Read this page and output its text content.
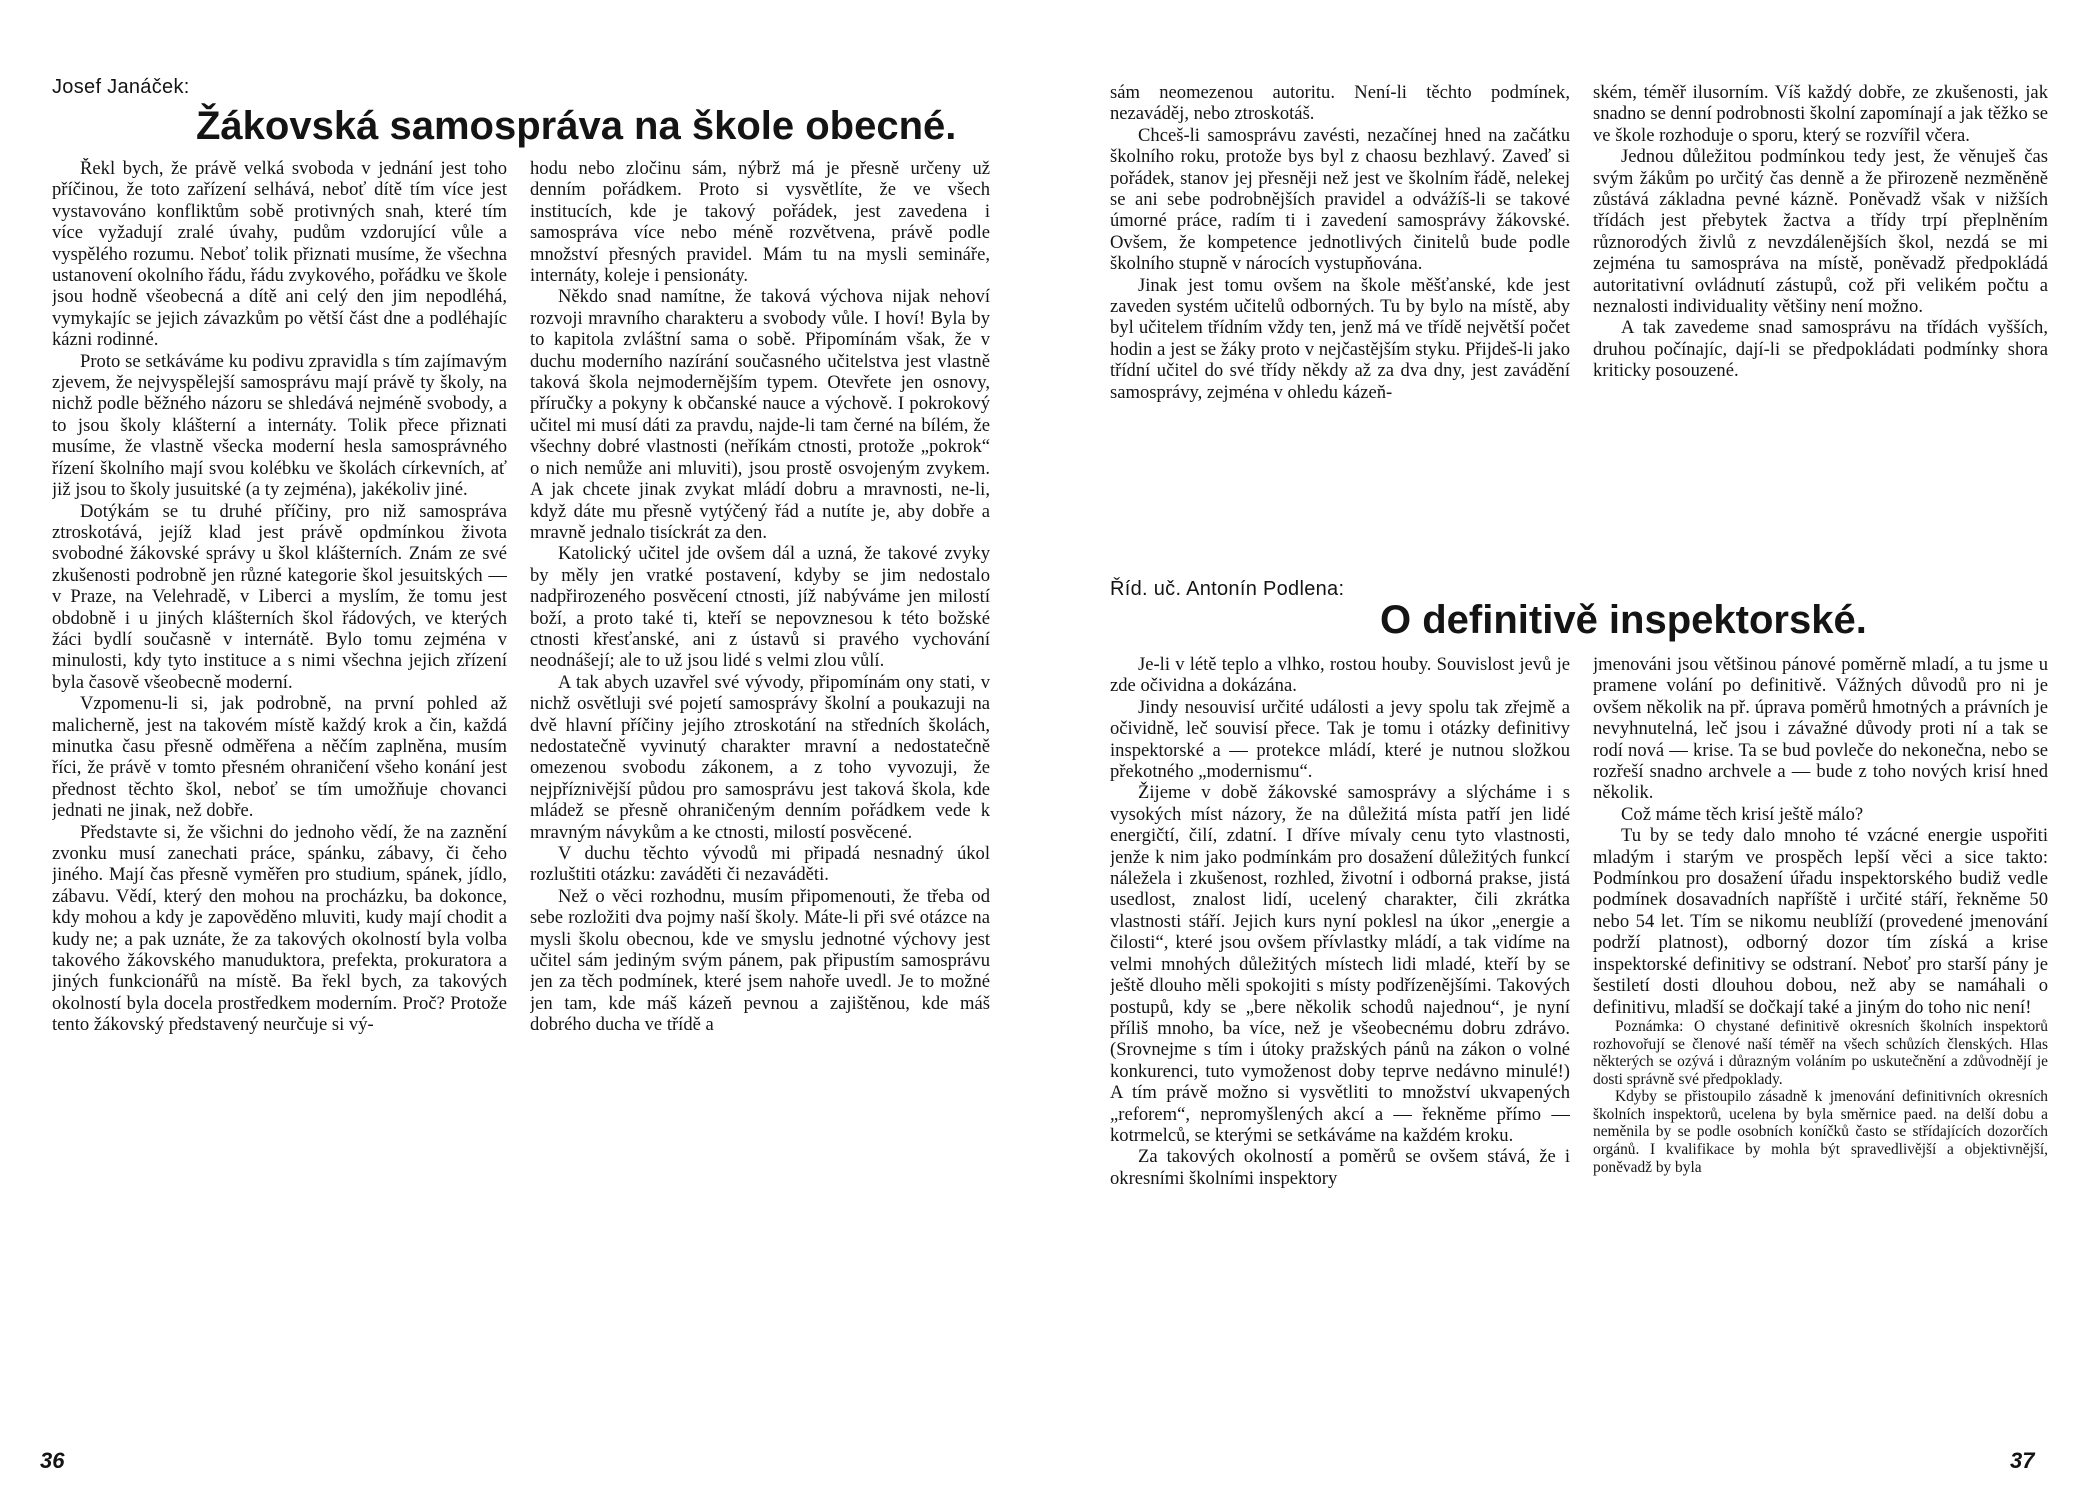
Josef Janáček:
Žákovská samospráva na škole obecné.

Řekl bych, že právě velká svoboda v jednání jest toho příčinou, že toto zařízení selhává, neboť dítě tím více jest vystavováno konfliktům sobě protivných snah, které tím více vyžadují zralé úvahy, pudům vzdorující vůle a vyspělého rozumu. Neboť tolik přiznati musíme, že všechna ustanovení okolního řádu, řádu zvykového, pořádku ve škole jsou hodně všeobecná a dítě ani celý den jim nepodléhá, vymykajíc se jejich závazkům po větší část dne a podléhajíc kázni rodinné.

Proto se setkáváme ku podivu zpravidla s tím zajímavým zjevem, že nejvyspělejší samosprávu mají právě ty školy, na nichž podle běžného názoru se shledává nejméně svobody, a to jsou školy klášterní a internáty. Tolik přece přiznati musíme, že vlastně všecka moderní hesla samosprávného řízení školního mají svou kolébku ve školách církevních, ať již jsou to školy jusuitské (a ty zejména), jakékoliv jiné.

Dotýkám se tu druhé příčiny, pro niž samospráva ztroskotává, jejíž klad jest právě opdmínkou života svobodné žákovské správy u škol klášterních. Znám ze své zkušenosti podrobně jen různé kategorie škol jesuitských — v Praze, na Velehradě, v Liberci a myslím, že tomu jest obdobně i u jiných klášterních škol řádových, ve kterých žáci bydlí současně v internátě. Bylo tomu zejména v minulosti, kdy tyto instituce a s nimi všechna jejich zřízení byla časově všeobecně moderní.

Vzpomenu-li si, jak podrobně, na první pohled až malicherně, jest na takovém místě každý krok a čin, každá minutka času přesně odměřena a něčím zaplněna, musím říci, že právě v tomto přesném ohraničení všeho konání jest přednost těchto škol, neboť se tím umožňuje chovanci jednati ne jinak, než dobře.

Představte si, že všichni do jednoho vědí, že na zaznění zvonku musí zanechati práce, spánku, zábavy, či čeho jiného. Mají čas přesně vyměřen pro studium, spánek, jídlo, zábavu. Vědí, který den mohou na procházku, ba dokonce, kdy mohou a kdy je zapověděno mluviti, kudy mají chodit a kudy ne; a pak uznáte, že za takových okolností byla volba takového žákovského manuduktora, prefekta, prokuratora a jiných funkcionářů na místě. Ba řekl bych, za takových okolností byla docela prostředkem moderním. Proč? Protože tento žákovský představený neurčuje si vý-

hodu nebo zločinu sám, nýbrž má je přesně určeny už denním pořádkem. Proto si vysvětlíte, že ve všech institucích, kde je takový pořádek, jest zavedena i samospráva více nebo méně rozvětvena, právě podle množství přesných pravidel. Mám tu na mysli semináře, internáty, koleje i pensionáty.

Někdo snad namítne, že taková výchova nijak nehoví rozvoji mravního charakteru a svobody vůle. I hoví! Byla by to kapitola zvláštní sama o sobě. Připomínám však, že v duchu moderního nazírání současného učitelstva jest vlastně taková škola nejmodernějším typem. Otevřete jen osnovy, příručky a pokyny k občanské nauce a výchově. I pokrokový učitel mi musí dáti za pravdu, najde-li tam černé na bílém, že všechny dobré vlastnosti (neříkám ctnosti, protože „pokrok“ o nich nemůže ani mluviti), jsou prostě osvojeným zvykem. A jak chcete jinak zvykat mládí dobru a mravnosti, ne-li, když dáte mu přesně vytýčený řád a nutíte je, aby dobře a mravně jednalo tisíckrát za den.

Katolický učitel jde ovšem dál a uzná, že takové zvyky by měly jen vratké postavení, kdyby se jim nedostalo nadpřirozeného posvěcení ctnosti, jíž nabýváme jen milostí boží, a proto také ti, kteří se nepovznesou k této božské ctnosti křesťanské, ani z ústavů si pravého vychování neodnášejí; ale to už jsou lidé s velmi zlou vůlí.

A tak abych uzavřel své vývody, připomínám ony stati, v nichž osvětluji své pojetí samosprávy školní a poukazuji na dvě hlavní příčiny jejího ztroskotání na středních školách, nedostatečně vyvinutý charakter mravní a nedostatečně omezenou svobodu zákonem, a z toho vyvozuji, že nejpříznivější půdou pro samosprávu jest taková škola, kde mládež se přesně ohraničeným denním pořádkem vede k mravným návykům a ke ctnosti, milostí posvěcené.

V duchu těchto vývodů mi připadá nesnadný úkol rozluštiti otázku: zaváděti či nezaváděti.

Než o věci rozhodnu, musím připomenouti, že třeba od sebe rozložiti dva pojmy naší školy. Máte-li při své otázce na mysli školu obecnou, kde ve smyslu jednotné výchovy jest učitel sám jediným svým pánem, pak připustím samosprávu jen za těch podmínek, které jsem nahoře uvedl. Je to možné jen tam, kde máš kázeň pevnou a zajištěnou, kde máš dobrého ducha ve třídě a

36

sám neomezenou autoritu. Není-li těchto podmínek, nezaváděj, nebo ztroskotáš.

Chceš-li samosprávu zavésti, nezačínej hned na začátku školního roku, protože bys byl z chaosu bezhlavý. Zaveď si pořádek, stanov jej přesněji než jest ve školním řádě, nelekej se ani sebe podrobnějších pravidel a odvážíš-li se takové úmorné práce, radím ti i zavedení samosprávy žákovské. Ovšem, že kompetence jednotlivých činitelů bude podle školního stupně v nárocích vystupňována.

Jinak jest tomu ovšem na škole měšťanské, kde jest zaveden systém učitelů odborných. Tu by bylo na místě, aby byl učitelem třídním vždy ten, jenž má ve třídě největší počet hodin a jest se žáky proto v nejčastějším styku. Přijdeš-li jako třídní učitel do své třídy někdy až za dva dny, jest zavádění samosprávy, zejména v ohledu kázeň-

ském, téměř ilusorním. Víš každý dobře, ze zkušenosti, jak snadno se denní podrobnosti školní zapomínají a jak těžko se ve škole rozhoduje o sporu, který se rozvířil včera.

Jednou důležitou podmínkou tedy jest, že věnuješ čas svým žákům po určitý čas denně a že přirozeně nezměněně zůstává základna pevné kázně. Poněvadž však v nižších třídách jest přebytek žactva a třídy trpí přeplněním různorodých živlů z nevzdálenějších škol, nezdá se mi zejména tu samospráva na místě, poněvadž předpokládá autoritativní ovládnutí zástupů, což při velikém počtu a neznalosti individuality většiny není možno.

A tak zavedeme snad samosprávu na třídách vyšších, druhou počínajíc, dají-li se předpokládati podmínky shora kriticky posouzené.

Říd. uč. Antonín Podlena:
O definitivě inspektorské.

Je-li v létě teplo a vlhko, rostou houby. Souvislost jevů je zde očividna a dokázána.

Jindy nesouvisí určité události a jevy spolu tak zřejmě a očividně, leč souvisí přece. Tak je tomu i otázky definitivy inspektorské a — protekce mládí, které je nutnou složkou překotného „modernismu“.

Žijeme v době žákovské samosprávy a slýcháme i s vysokých míst názory, že na důležitá místa patří jen lidé energičtí, čilí, zdatní. I dříve mívaly cenu tyto vlastnosti, jenže k nim jako podmínkám pro dosažení důležitých funkcí náležela i zkušenost, rozhled, životní i odborná prakse, jistá usedlost, znalost lidí, ucelený charakter, čili zkrátka vlastnosti stáří. Jejich kurs nyní poklesl na úkor „energie a čilosti“, které jsou ovšem přívlastky mládí, a tak vidíme na velmi mnohých důležitých místech lidi mladé, kteří by se ještě dlouho měli spokojiti s místy podřízenějšími. Takových postupů, kdy se „bere několik schodů najednou“, je nyní příliš mnoho, ba více, než je všeobecnému dobru zdrávo. (Srovnejme s tím i útoky pražských pánů na zákon o volné konkurenci, tuto vymoženost doby teprve nedávno minulé!) A tím právě možno si vysvětliti to množství ukvapených „reforem“, nepromyšlených akcí a — řekněme přímo — kotrmelců, se kterými se setkáváme na každém kroku.

Za takových okolností a poměrů se ovšem stává, že i okresními školními inspektory

jmenováni jsou většinou pánové poměrně mladí, a tu jsme u pramene volání po definitivě. Vážných důvodů pro ni je ovšem několik na př. úprava poměrů hmotných a právních je nevyhnutelná, leč jsou i závažné důvody proti ní a tak se rodí nová — krise. Ta se bud povleče do nekonečna, nebo se rozřeší snadno archvele a — bude z toho nových krisí hned několik.

Což máme těch krisí ještě málo?

Tu by se tedy dalo mnoho té vzácné energie uspořiti mladým i starým ve prospěch lepší věci a sice takto: Podmínkou pro dosažení úřadu inspektorského budiž vedle podmínek dosavadních napříště i určité stáří, řekněme 50 nebo 54 let. Tím se nikomu neublíží (provedené jmenování podrží platnost), odborný dozor tím získá a krise inspektorské definitivy se odstraní. Neboť pro starší pány je šestiletí dosti dlouhou dobou, než aby se namáhali o definitivu, mladší se dočkají také a jiným do toho nic není!

Poznámka: O chystané definitivě okresních školních inspektorů rozhovořují se členové naší téměř na všech schůzích členských. Hlas některých se ozývá i důrazným voláním po uskutečnění a zdůvodnějí je dosti správně své předpoklady.

Kdyby se přistoupilo zásadně k jmenování definitivních okresních školních inspektorů, ucelena by byla směrnice paed. na delší dobu a neměnila by se podle osobních koníčků často se střídajících dozorčích orgánů. I kvalifikace by mohla být spravedlivější a objektivnější, poněvadž by byla

37
